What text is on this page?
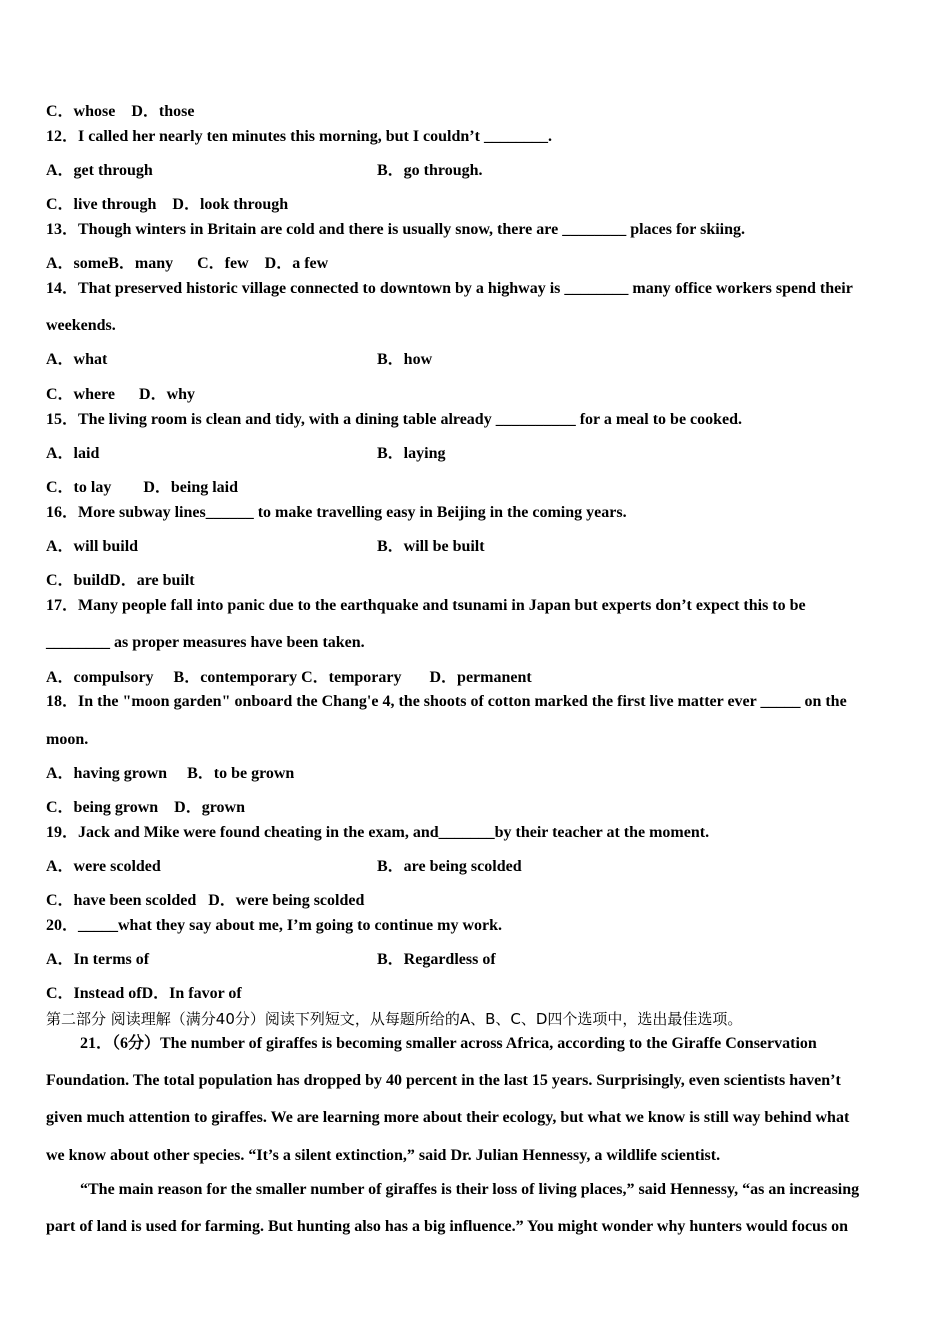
C．whose    D．those
12．I called her nearly ten minutes this morning, but I couldn’t ________.
A．get through	B．go through.
C．live through    D．look through
13．Though winters in Britain are cold and there is usually snow, there are ________ places for skiing.
A．someB．many      C．few    D．a few
14．That preserved historic village connected to downtown by a highway is ________ many office workers spend their
weekends.
A．what	B．how
C．where      D．why
15．The living room is clean and tidy, with a dining table already __________ for a meal to be cooked.
A．laid	B．laying
C．to lay        D．being laid
16．More subway lines______ to make travelling easy in Beijing in the coming years.
A．will build	B．will be built
C．buildD．are built
17．Many people fall into panic due to the earthquake and tsunami in Japan but experts don’t expect this to be
________ as proper measures have been taken.
A．compulsory     B．contemporary C．temporary       D．permanent
18．In the "moon garden" onboard the Chang'e 4, the shoots of cotton marked the first live matter ever _____ on the
moon.
A．having grown     B．to be grown
C．being grown    D．grown
19．Jack and Mike were found cheating in the exam, and_______by their teacher at the moment.
A．were scolded	B．are being scolded
C．have been scolded   D．were being scolded
20．_____what they say about me, I’m going to continue my work.
A．In terms of	B．Regardless of
C．Instead ofD．In favor of
第二部分 阅读理解（满分40分）阅读下列短文，从每题所给的A、B、C、D四个选项中，选出最佳选项。
21．（6分）The number of giraffes is becoming smaller across Africa, according to the Giraffe Conservation
Foundation. The total population has dropped by 40 percent in the last 15 years. Surprisingly, even scientists haven’t
given much attention to giraffes. We are learning more about their ecology, but what we know is still way behind what
we know about other species. “It’s a silent extinction,” said Dr. Julian Hennessy, a wildlife scientist.
“The main reason for the smaller number of giraffes is their loss of living places,” said Hennessy, “as an increasing
part of land is used for farming. But hunting also has a big influence.” You might wonder why hunters would focus on
